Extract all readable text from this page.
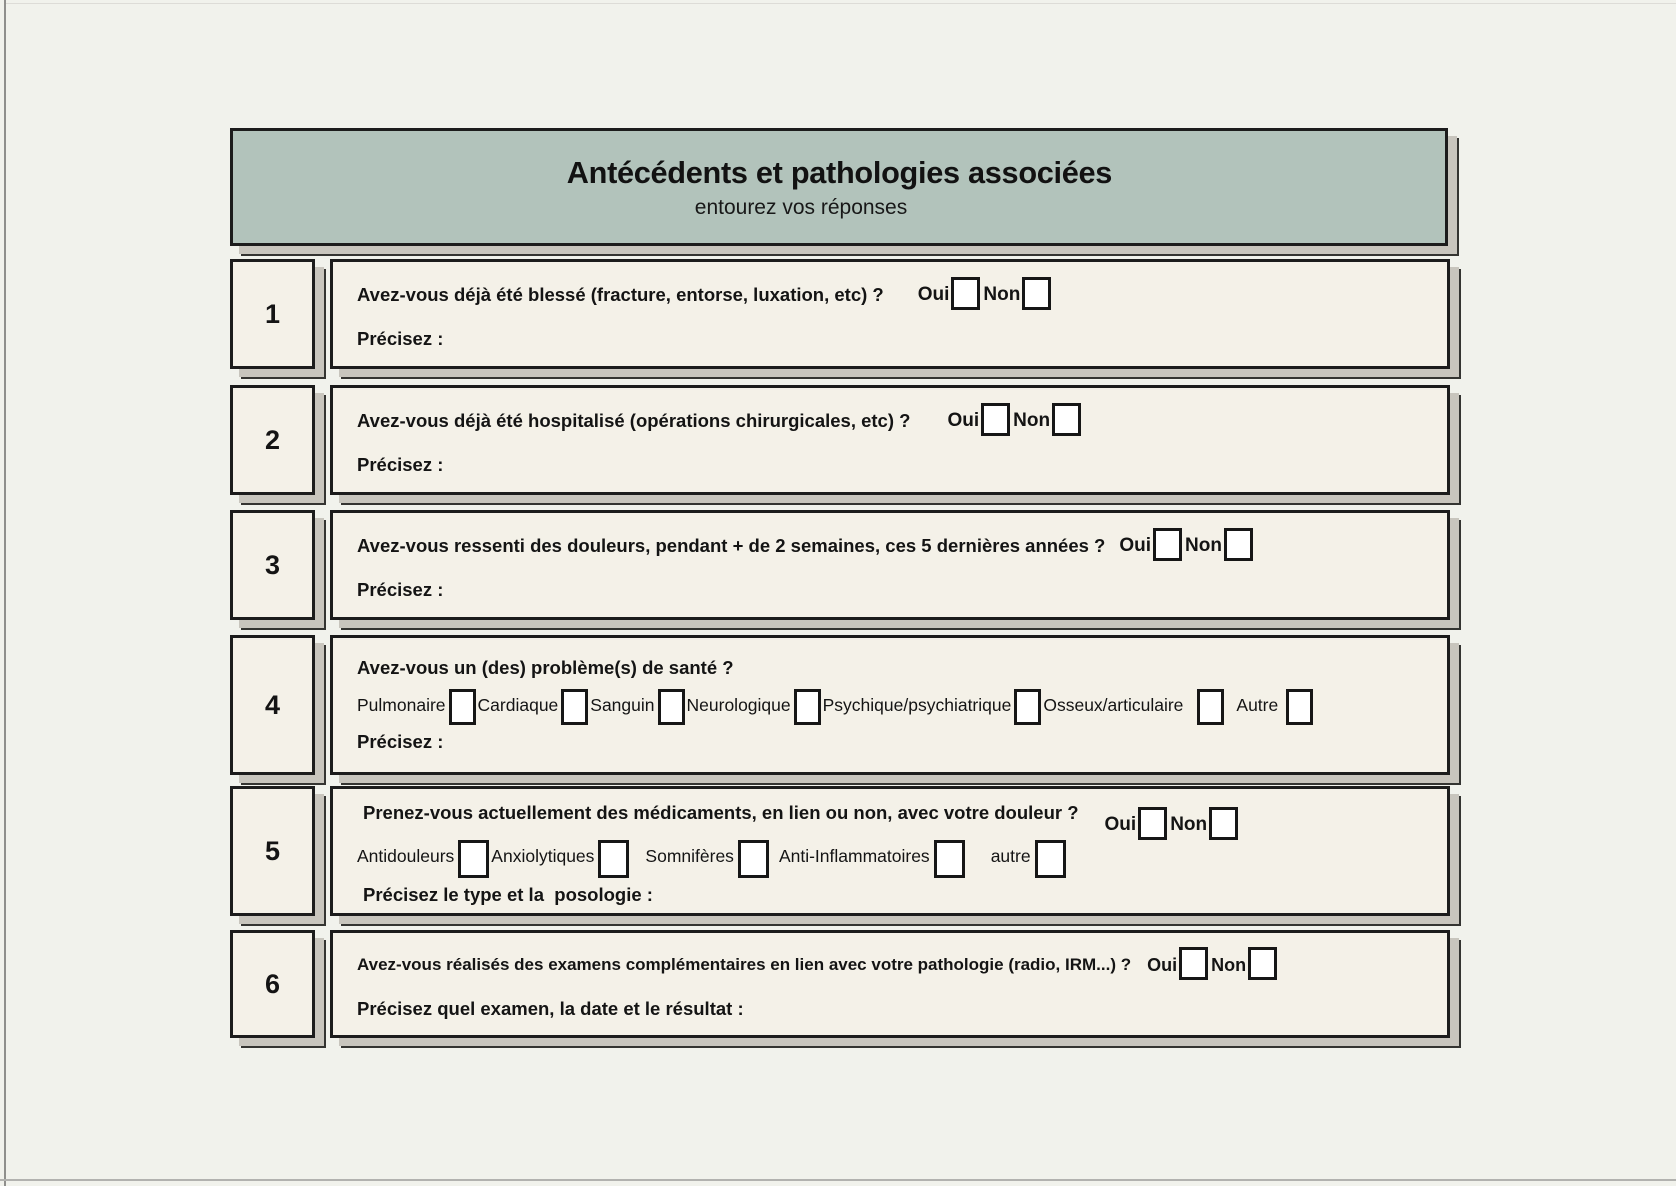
Antécédents et pathologies associées
entourez vos réponses
1
Avez-vous déjà été blessé (fracture, entorse, luxation, etc) ? Oui Non
Précisez :
2
Avez-vous déjà été hospitalisé (opérations chirurgicales, etc) ? Oui Non
Précisez :
3
Avez-vous ressenti des douleurs, pendant + de 2 semaines, ces 5 dernières années ? Oui Non
Précisez :
4
Avez-vous un (des) problème(s) de santé ?
Pulmonaire Cardiaque Sanguin Neurologique Psychique/psychiatrique Osseux/articulaire	Autre
Précisez :
5
Prenez-vous actuellement des médicaments, en lien ou non, avec votre douleur ?
Oui Non
Antidouleurs Anxiolytiques	Somnifères	Anti-Inflammatoires	autre
Précisez le type et la  posologie :
6
Avez-vous réalisés des examens complémentaires en lien avec votre pathologie (radio, IRM...) ? Oui Non
Précisez quel examen, la date et le résultat :
